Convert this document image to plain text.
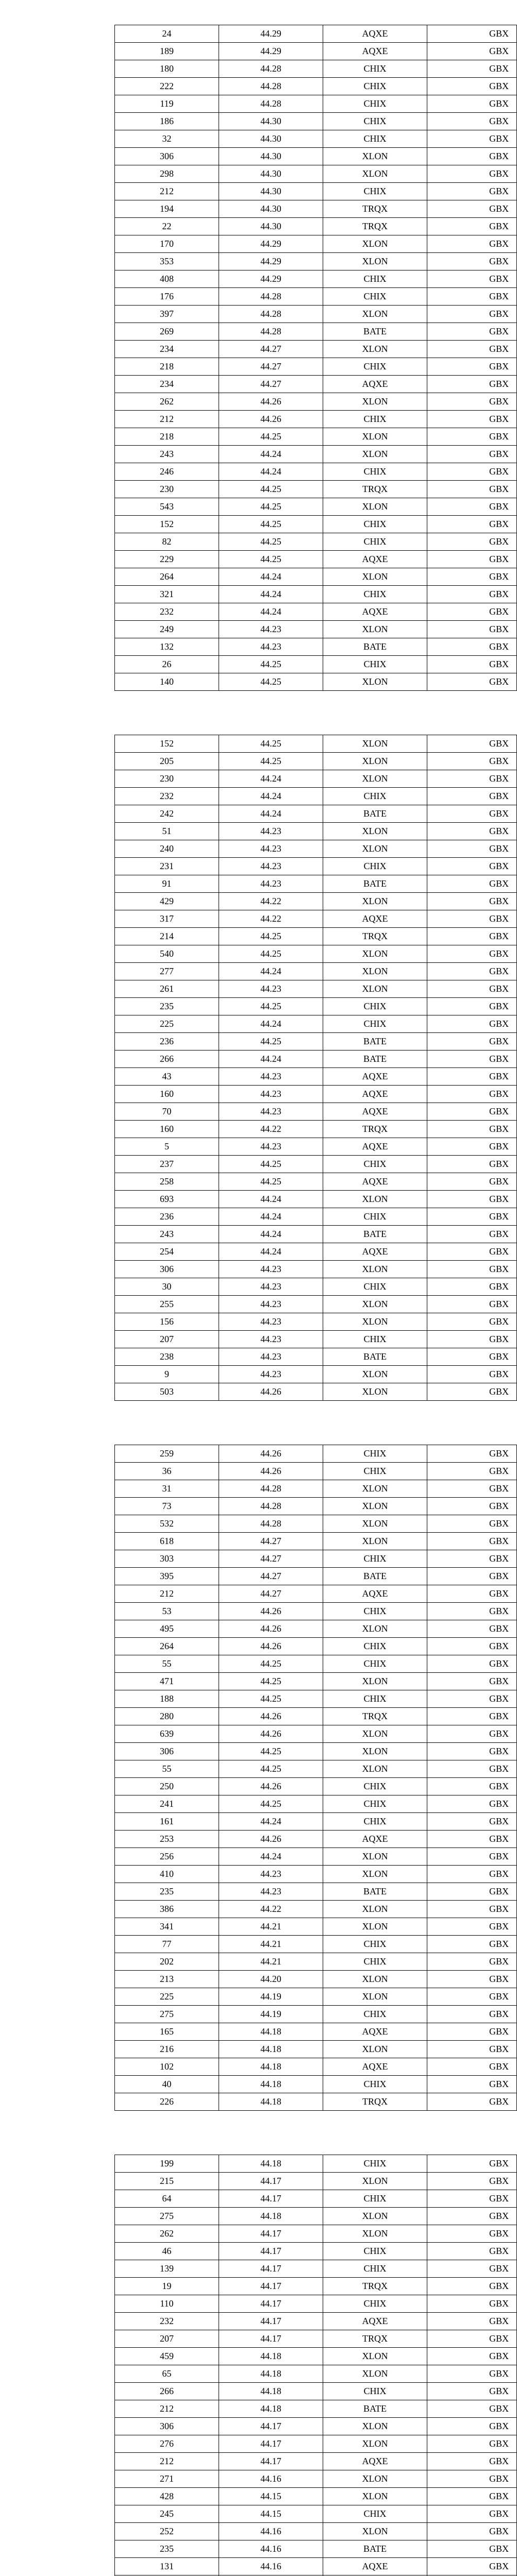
24	44.29	AQXE	GBX
189	44.29	AQXE	GBX
180	44.28	CHIX	GBX
222	44.28	CHIX	GBX
119	44.28	CHIX	GBX
186	44.30	CHIX	GBX
32	44.30	CHIX	GBX
306	44.30	XLON	GBX
298	44.30	XLON	GBX
212	44.30	CHIX	GBX
194	44.30	TRQX	GBX
22	44.30	TRQX	GBX
170	44.29	XLON	GBX
353	44.29	XLON	GBX
408	44.29	CHIX	GBX
176	44.28	CHIX	GBX
397	44.28	XLON	GBX
269	44.28	BATE	GBX
234	44.27	XLON	GBX
218	44.27	CHIX	GBX
234	44.27	AQXE	GBX
262	44.26	XLON	GBX
212	44.26	CHIX	GBX
218	44.25	XLON	GBX
243	44.24	XLON	GBX
246	44.24	CHIX	GBX
230	44.25	TRQX	GBX
543	44.25	XLON	GBX
152	44.25	CHIX	GBX
82	44.25	CHIX	GBX
229	44.25	AQXE	GBX
264	44.24	XLON	GBX
321	44.24	CHIX	GBX
232	44.24	AQXE	GBX
249	44.23	XLON	GBX
132	44.23	BATE	GBX
26	44.25	CHIX	GBX
140	44.25	XLON	GBX
152	44.25	XLON	GBX
205	44.25	XLON	GBX
230	44.24	XLON	GBX
232	44.24	CHIX	GBX
242	44.24	BATE	GBX
51	44.23	XLON	GBX
240	44.23	XLON	GBX
231	44.23	CHIX	GBX
91	44.23	BATE	GBX
429	44.22	XLON	GBX
317	44.22	AQXE	GBX
214	44.25	TRQX	GBX
540	44.25	XLON	GBX
277	44.24	XLON	GBX
261	44.23	XLON	GBX
235	44.25	CHIX	GBX
225	44.24	CHIX	GBX
236	44.25	BATE	GBX
266	44.24	BATE	GBX
43	44.23	AQXE	GBX
160	44.23	AQXE	GBX
70	44.23	AQXE	GBX
160	44.22	TRQX	GBX
5	44.23	AQXE	GBX
237	44.25	CHIX	GBX
258	44.25	AQXE	GBX
693	44.24	XLON	GBX
236	44.24	CHIX	GBX
243	44.24	BATE	GBX
254	44.24	AQXE	GBX
306	44.23	XLON	GBX
30	44.23	CHIX	GBX
255	44.23	XLON	GBX
156	44.23	XLON	GBX
207	44.23	CHIX	GBX
238	44.23	BATE	GBX
9	44.23	XLON	GBX
503	44.26	XLON	GBX
259	44.26	CHIX	GBX
36	44.26	CHIX	GBX
31	44.28	XLON	GBX
73	44.28	XLON	GBX
532	44.28	XLON	GBX
618	44.27	XLON	GBX
303	44.27	CHIX	GBX
395	44.27	BATE	GBX
212	44.27	AQXE	GBX
53	44.26	CHIX	GBX
495	44.26	XLON	GBX
264	44.26	CHIX	GBX
55	44.25	CHIX	GBX
471	44.25	XLON	GBX
188	44.25	CHIX	GBX
280	44.26	TRQX	GBX
639	44.26	XLON	GBX
306	44.25	XLON	GBX
55	44.25	XLON	GBX
250	44.26	CHIX	GBX
241	44.25	CHIX	GBX
161	44.24	CHIX	GBX
253	44.26	AQXE	GBX
256	44.24	XLON	GBX
410	44.23	XLON	GBX
235	44.23	BATE	GBX
386	44.22	XLON	GBX
341	44.21	XLON	GBX
77	44.21	CHIX	GBX
202	44.21	CHIX	GBX
213	44.20	XLON	GBX
225	44.19	XLON	GBX
275	44.19	CHIX	GBX
165	44.18	AQXE	GBX
216	44.18	XLON	GBX
102	44.18	AQXE	GBX
40	44.18	CHIX	GBX
226	44.18	TRQX	GBX
199	44.18	CHIX	GBX
215	44.17	XLON	GBX
64	44.17	CHIX	GBX
275	44.18	XLON	GBX
262	44.17	XLON	GBX
46	44.17	CHIX	GBX
139	44.17	CHIX	GBX
19	44.17	TRQX	GBX
110	44.17	CHIX	GBX
232	44.17	AQXE	GBX
207	44.17	TRQX	GBX
459	44.18	XLON	GBX
65	44.18	XLON	GBX
266	44.18	CHIX	GBX
212	44.18	BATE	GBX
306	44.17	XLON	GBX
276	44.17	XLON	GBX
212	44.17	AQXE	GBX
271	44.16	XLON	GBX
428	44.15	XLON	GBX
245	44.15	CHIX	GBX
252	44.16	XLON	GBX
235	44.16	BATE	GBX
131	44.16	AQXE	GBX
